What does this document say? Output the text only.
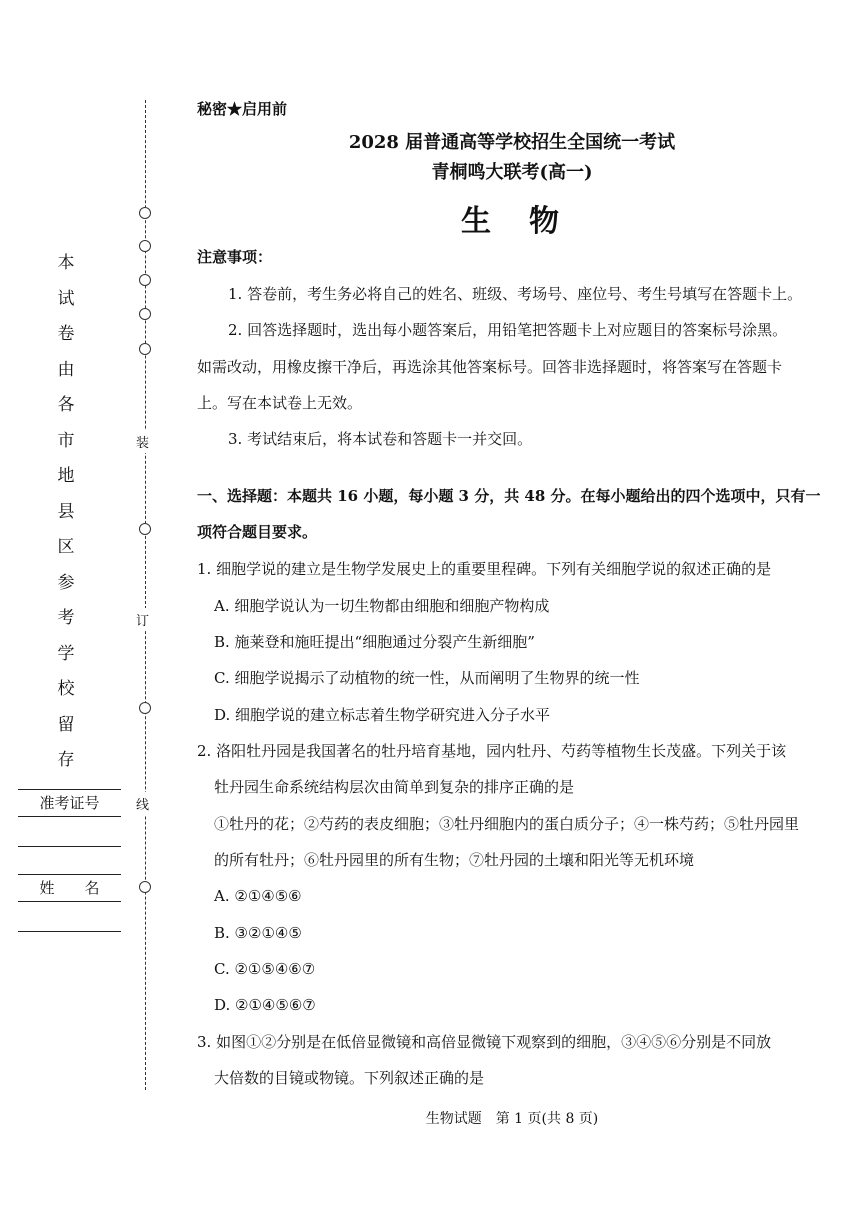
本
试
卷
由
各
市
地
县
区
参
考
学
校
留
存
装
订
线
准考证号
姓　　名
秘密★启用前
2028 届普通高等学校招生全国统一考试
青桐鸣大联考(高一)
生　物
注意事项：
1. 答卷前，考生务必将自己的姓名、班级、考场号、座位号、考生号填写在答题卡上。
2. 回答选择题时，选出每小题答案后，用铅笔把答题卡上对应题目的答案标号涂黑。
如需改动，用橡皮擦干净后，再选涂其他答案标号。回答非选择题时，将答案写在答题卡
上。写在本试卷上无效。
3. 考试结束后，将本试卷和答题卡一并交回。
一、选择题：本题共 16 小题，每小题 3 分，共 48 分。在每小题给出的四个选项中，只有一
项符合题目要求。
1. 细胞学说的建立是生物学发展史上的重要里程碑。下列有关细胞学说的叙述正确的是
A. 细胞学说认为一切生物都由细胞和细胞产物构成
B. 施莱登和施旺提出“细胞通过分裂产生新细胞”
C. 细胞学说揭示了动植物的统一性，从而阐明了生物界的统一性
D. 细胞学说的建立标志着生物学研究进入分子水平
2. 洛阳牡丹园是我国著名的牡丹培育基地，园内牡丹、芍药等植物生长茂盛。下列关于该
牡丹园生命系统结构层次由简单到复杂的排序正确的是
①牡丹的花；②芍药的表皮细胞；③牡丹细胞内的蛋白质分子；④一株芍药；⑤牡丹园里
的所有牡丹；⑥牡丹园里的所有生物；⑦牡丹园的土壤和阳光等无机环境
A. ②①④⑤⑥
B. ③②①④⑤
C. ②①⑤④⑥⑦
D. ②①④⑤⑥⑦
3. 如图①②分别是在低倍显微镜和高倍显微镜下观察到的细胞，③④⑤⑥分别是不同放
大倍数的目镜或物镜。下列叙述正确的是
生物试题　第 1 页(共 8 页)
